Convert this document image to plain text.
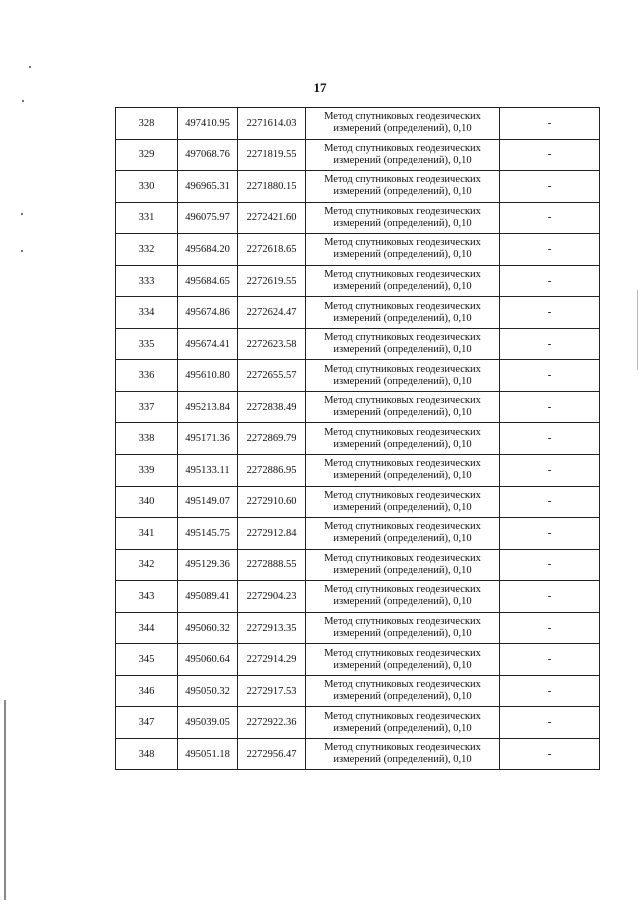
17
328	497410.95	2271614.03	Метод спутниковых геодезических
измерений (определений), 0,10	-
329	497068.76	2271819.55	Метод спутниковых геодезических
измерений (определений), 0,10	-
330	496965.31	2271880.15	Метод спутниковых геодезических
измерений (определений), 0,10	-
331	496075.97	2272421.60	Метод спутниковых геодезических
измерений (определений), 0,10	-
332	495684.20	2272618.65	Метод спутниковых геодезических
измерений (определений), 0,10	-
333	495684.65	2272619.55	Метод спутниковых геодезических
измерений (определений), 0,10	-
334	495674.86	2272624.47	Метод спутниковых геодезических
измерений (определений), 0,10	-
335	495674.41	2272623.58	Метод спутниковых геодезических
измерений (определений), 0,10	-
336	495610.80	2272655.57	Метод спутниковых геодезических
измерений (определений), 0,10	-
337	495213.84	2272838.49	Метод спутниковых геодезических
измерений (определений), 0,10	-
338	495171.36	2272869.79	Метод спутниковых геодезических
измерений (определений), 0,10	-
339	495133.11	2272886.95	Метод спутниковых геодезических
измерений (определений), 0,10	-
340	495149.07	2272910.60	Метод спутниковых геодезических
измерений (определений), 0,10	-
341	495145.75	2272912.84	Метод спутниковых геодезических
измерений (определений), 0,10	-
342	495129.36	2272888.55	Метод спутниковых геодезических
измерений (определений), 0,10	-
343	495089.41	2272904.23	Метод спутниковых геодезических
измерений (определений), 0,10	-
344	495060.32	2272913.35	Метод спутниковых геодезических
измерений (определений), 0,10	-
345	495060.64	2272914.29	Метод спутниковых геодезических
измерений (определений), 0,10	-
346	495050.32	2272917.53	Метод спутниковых геодезических
измерений (определений), 0,10	-
347	495039.05	2272922.36	Метод спутниковых геодезических
измерений (определений), 0,10	-
348	495051.18	2272956.47	Метод спутниковых геодезических
измерений (определений), 0,10	-
